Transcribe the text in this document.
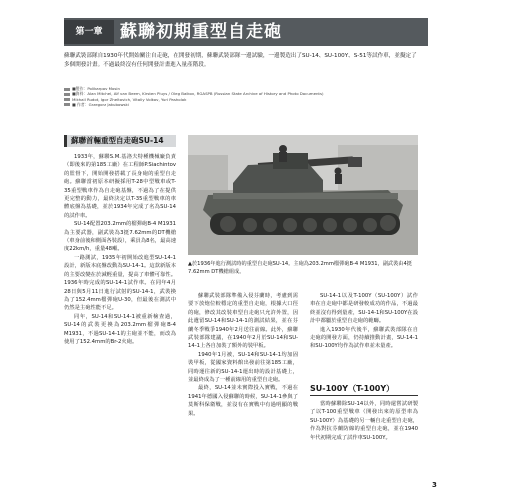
第一章	蘇聯初期重型自走砲
蘇聯武裝部隊自1930年代開始關注自走砲，在開發初期，蘇聯武裝部隊一邊試驗，一邊製造出了SU-14、SU-100Y、S-51等試作車，並擬定了多個開發計畫。不過最終沒有任何開發計畫進入量產階段。
■製作：Polikarpov Mosin
■資料：Alan Mitchel, Alf van Beem, Kirsten Pluys / Oleg Baikov, RGASPB (Russian State Archive of History and Photo Documents)
Mikhail Rudot, Igor Zheltovich, Vitaliy Volkov, Yuri Pasholok
■ 作者：Grzegorz Jakubowski
蘇聯首輛重型自走砲SU-14

1933年，蘇聯S.M.基洛夫特種機械廠負責（即後來的第185工廠）在工程師P.Siachintov的監督下，開始開發搭載了長身砲的重型自走砲。蘇聯當初原本研擬採用T-28中型戰車或T-35重型戰車作為自走砲基盤，不過為了在提供更完整的動力，最終決定以T-35重型戰車的車體底盤為基礎，並於1934年完成了名為SU-14的試作車。

SU-14配置203.2mm的榴彈砲B-4 M1931為主要武器，副武裝為3挺7.62mm的DT機槍（車身前後和側面各裝設），乘員為8名，最高速度22km/h，重量48噸。

一路測試，1935年初開始改進型SU-14-1設計，新版本底盤改動為SU-14-1。這款新版本的主要改變在於減輕重量，提高了車體可靠性。1936年時完成的SU-14-1試作車。在同年4月28日與5月11日進行試射的SU-14-1，武裝換為了152.4mm榴彈砲U-30，但最後在測試中仍然是主砲性能不足。

同年，SU-14和SU-14-1被重新檢查過，SU-14的武裝更換為203.2mm榴彈砲B-4 M1931，不過SU-14-1的主砲並不能，而改為使用了152.4mm的Br-2火砲。

▲於1936年進行測試時的重型自走砲SU-14。主砲為203.2mm榴彈砲B-4 M1931，副武裝由4挺7.62mm DT機槍組成。

蘇聯武裝部隊準備入侵芬蘭時，考慮到需要下放炮位較穩定的重型自走砲，根據大口徑的砲，修改其改裝車型自走砲只允許外置，因此遺留SU-14和SU-14-1的測試結果，並在芬蘭冬季戰爭1940年2月送往前線。此外，蘇聯武裝部隊建議，在1940年2月於SU-14和SU-14-1上各自加裝了額外的裝甲板。

1940年1月被，SU-14和SU-14-1均加固裝甲板，從國家資料館出發前往第185工廠，同時運往新的SU-14-1運出時的設計基礎上，並最終成為了一種前線用的重型自走砲。

最終，SU-14並未實際投入實戰，不過在1941年德國入侵蘇聯的時候，SU-14-1參與了莫斯科保衛戰，並沒有在實戰中有過明顯的戰果。

SU-14-1以及T-100Y（SU-100Y）試作車在自走砲中都是研發較成功的作品，不過最終並沒有得到量產，SU-14-1和SU-100Y在設計中都屬於重型自走砲的範疇。

進入1930年代後半，蘇聯武裝部隊在自走砲的開發方面，仍持續推動計畫，SU-14-1和SU-100Y均作為試作車並未量產。

SU-100Y（T-100Y）

當時蘇聯除SU-14以外，同時還嘗試研製了以T-100重型戰車（開發出來的原型車為SU-100Y）為基礎的另一輛自走重型自走砲，作為對抗芬蘭防線的重型自走砲，並在1940年代初期完成了試作車SU-100Y。

3
